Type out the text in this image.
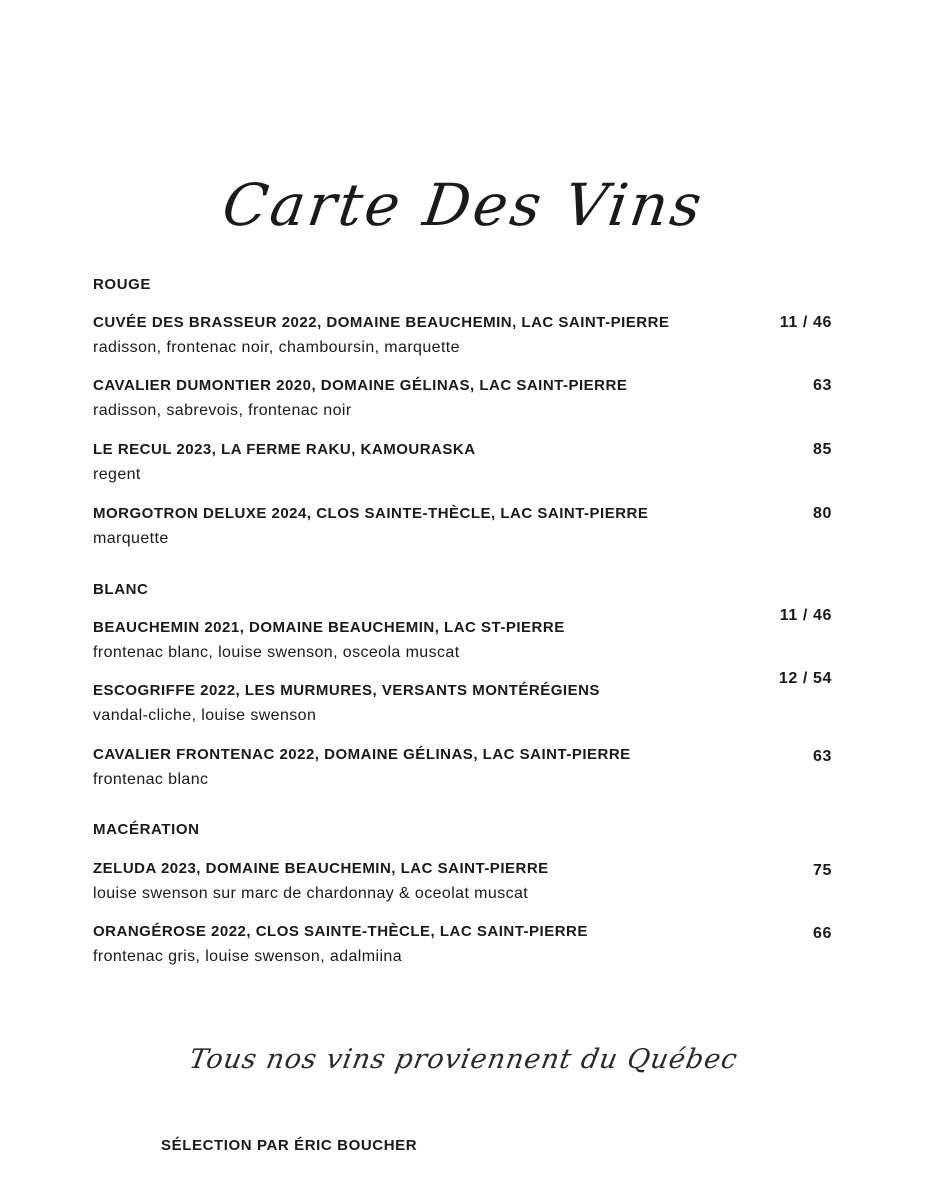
Carte Des Vins
ROUGE
CUVÉE DES BRASSEUR 2022, DOMAINE BEAUCHEMIN, LAC SAINT-PIERRE
radisson, frontenac noir, chamboursin, marquette
11 / 46
CAVALIER DUMONTIER 2020, DOMAINE GÉLINAS, LAC SAINT-PIERRE
radisson, sabrevois, frontenac noir
63
LE RECUL 2023, LA FERME RAKU, KAMOURASKA
regent
85
MORGOTRON DELUXE 2024, CLOS SAINTE-THÈCLE, LAC SAINT-PIERRE
marquette
80
BLANC
BEAUCHEMIN 2021, DOMAINE BEAUCHEMIN, LAC ST-PIERRE
frontenac blanc, louise swenson, osceola muscat
11 / 46
ESCOGRIFFE 2022, LES MURMURES, VERSANTS MONTÉRÉGIENS
vandal-cliche, louise swenson
12 / 54
CAVALIER FRONTENAC 2022, DOMAINE GÉLINAS, LAC SAINT-PIERRE
frontenac blanc
63
MACÉRATION
ZELUDA 2023, DOMAINE BEAUCHEMIN, LAC SAINT-PIERRE
louise swenson sur marc de chardonnay & oceolat muscat
75
ORANGÉROSE 2022, CLOS SAINTE-THÈCLE, LAC SAINT-PIERRE
frontenac gris, louise swenson, adalmiina
66
Tous nos vins proviennent du Québec
SÉLECTION PAR ÉRIC BOUCHER
